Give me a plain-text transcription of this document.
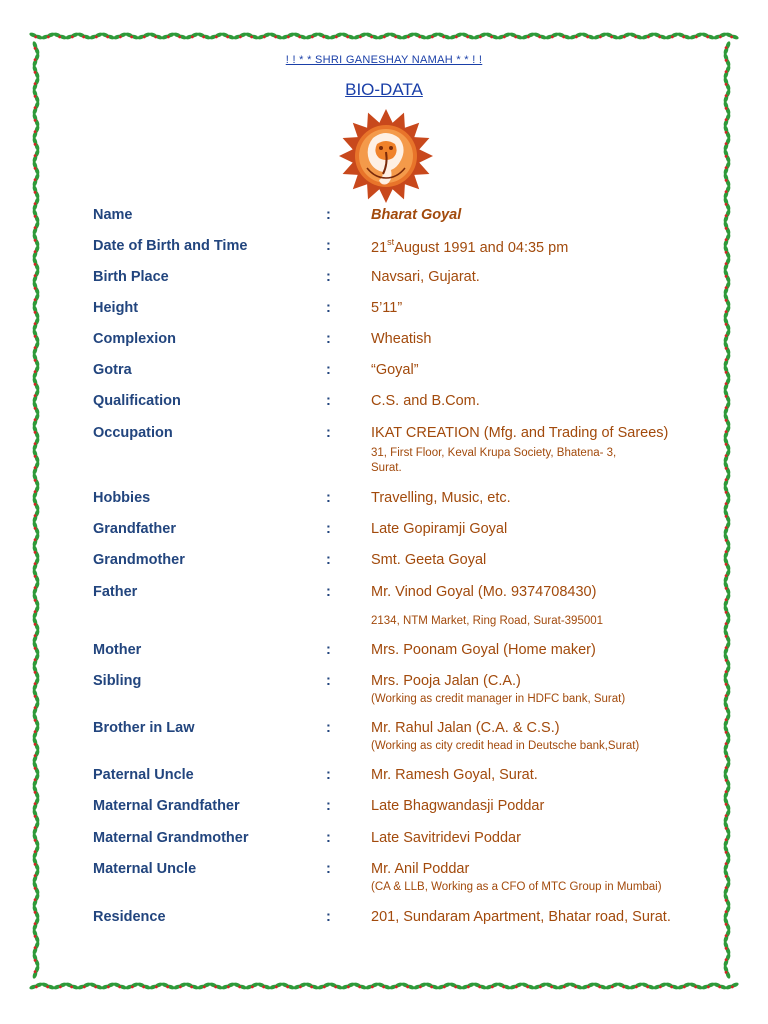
! ! * * SHRI GANESHAY NAMAH * * ! !
BIO-DATA
Name	:	Bharat Goyal
Date of Birth and Time	:	21stAugust 1991 and 04:35 pm
Birth Place	:	Navsari, Gujarat.
Height	:	5’11”
Complexion	:	Wheatish
Gotra	:	“Goyal”
Qualification	:	C.S. and B.Com.
Occupation	:	IKAT CREATION (Mfg. and Trading of Sarees)
31, First Floor, Keval Krupa Society, Bhatena- 3,
Surat.
Hobbies	:	Travelling, Music, etc.
Grandfather	:	Late Gopiramji Goyal
Grandmother	:	Smt. Geeta Goyal
Father	:	Mr. Vinod Goyal (Mo. 9374708430)
2134, NTM Market, Ring Road, Surat-395001
Mother	:	Mrs. Poonam Goyal (Home maker)
Sibling	:	Mrs. Pooja Jalan (C.A.)
(Working as credit manager in HDFC bank, Surat)
Brother in Law	:	Mr. Rahul Jalan (C.A. & C.S.)
(Working as city credit head in Deutsche bank,Surat)
Paternal Uncle	:	Mr. Ramesh Goyal, Surat.
Maternal Grandfather	:	Late Bhagwandasji Poddar
Maternal Grandmother	:	Late Savitridevi Poddar
Maternal Uncle	:	Mr. Anil Poddar
(CA & LLB, Working as a CFO of MTC Group in Mumbai)
Residence	:	201, Sundaram Apartment, Bhatar road, Surat.
